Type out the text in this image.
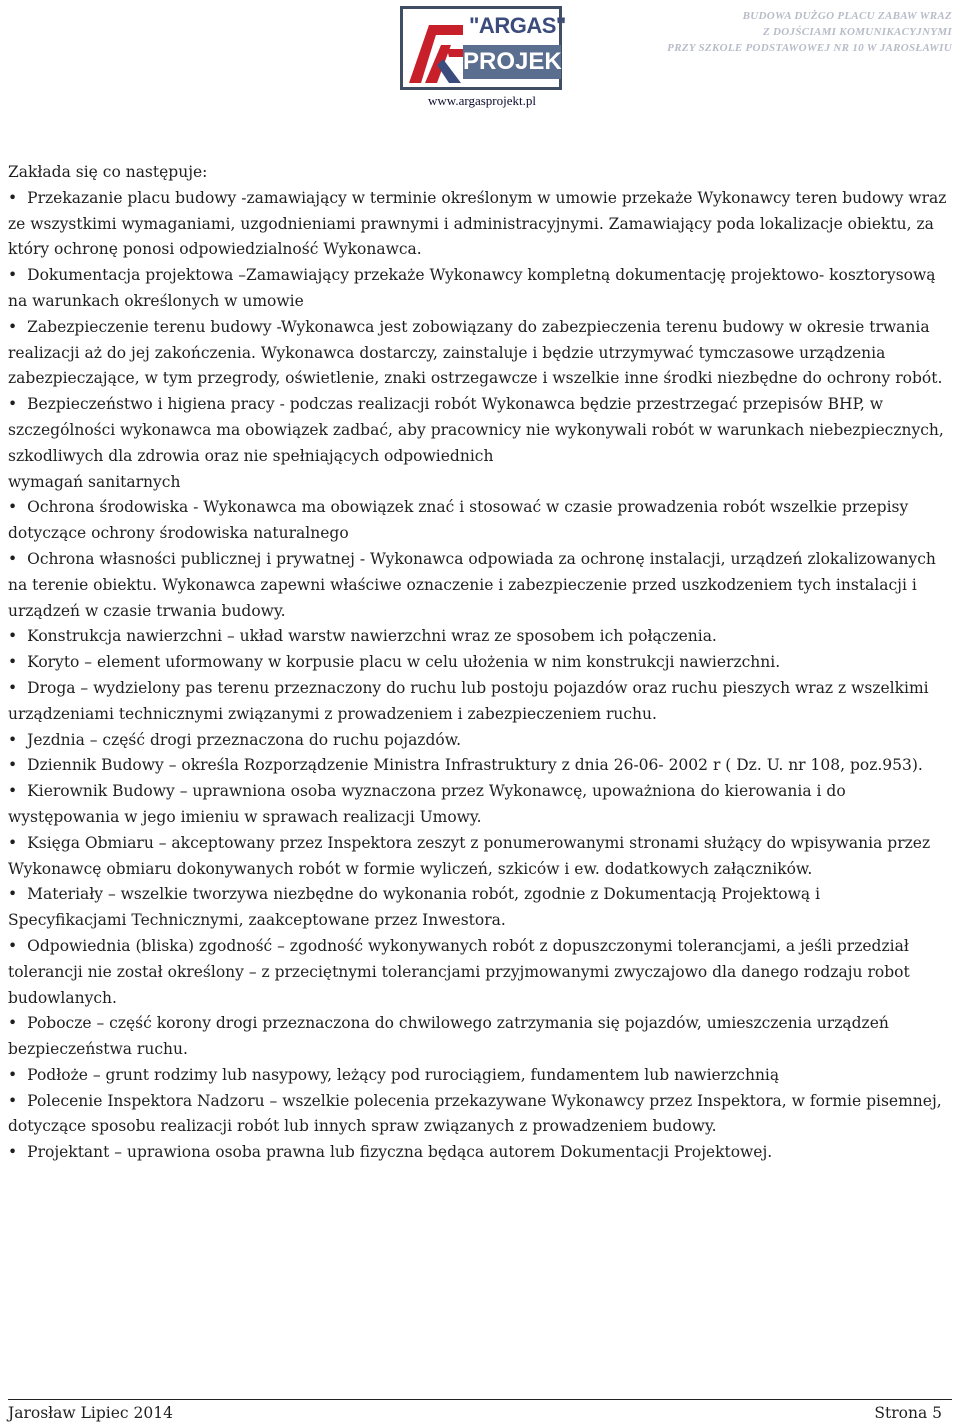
"ARGAS"
PROJEKT
BUDOWA DUŻGO PLACU ZABAW WRAZ
Z DOJŚCIAMI KOMUNIKACYJNYMI
PRZY SZKOLE PODSTAWOWEJ NR 10 W JAROSŁAWIU
www.argasprojekt.pl

Zakłada się co następuje:

• Przekazanie placu budowy -zamawiający w terminie określonym w umowie przekaże Wykonawcy teren budowy wraz ze wszystkimi wymaganiami, uzgodnieniami prawnymi i administracyjnymi. Zamawiający poda lokalizacje obiektu, za który ochronę ponosi odpowiedzialność Wykonawca.

• Dokumentacja projektowa –Zamawiający przekaże Wykonawcy kompletną dokumentację projektowo- kosztorysową na warunkach określonych w umowie

• Zabezpieczenie terenu budowy -Wykonawca jest zobowiązany do zabezpieczenia terenu budowy w okresie trwania realizacji aż do jej zakończenia. Wykonawca dostarczy, zainstaluje i będzie utrzymywać tymczasowe urządzenia zabezpieczające, w tym przegrody, oświetlenie, znaki ostrzegawcze i wszelkie inne środki niezbędne do ochrony robót.

• Bezpieczeństwo i higiena pracy - podczas realizacji robót Wykonawca będzie przestrzegać przepisów BHP, w szczególności wykonawca ma obowiązek zadbać, aby pracownicy nie wykonywali robót w warunkach niebezpiecznych, szkodliwych dla zdrowia oraz nie spełniających odpowiednich

wymagań sanitarnych

• Ochrona środowiska - Wykonawca ma obowiązek znać i stosować w czasie prowadzenia robót wszelkie przepisy dotyczące ochrony środowiska naturalnego

• Ochrona własności publicznej i prywatnej - Wykonawca odpowiada za ochronę instalacji, urządzeń zlokalizowanych na terenie obiektu. Wykonawca zapewni właściwe oznaczenie i zabezpieczenie przed uszkodzeniem tych instalacji i urządzeń w czasie trwania budowy.

• Konstrukcja nawierzchni – układ warstw nawierzchni wraz ze sposobem ich połączenia.

• Koryto – element uformowany w korpusie placu w celu ułożenia w nim konstrukcji nawierzchni.

• Droga – wydzielony pas terenu przeznaczony do ruchu lub postoju pojazdów oraz ruchu pieszych wraz z wszelkimi urządzeniami technicznymi związanymi z prowadzeniem i zabezpieczeniem ruchu.

• Jezdnia – część drogi przeznaczona do ruchu pojazdów.

• Dziennik Budowy – określa Rozporządzenie Ministra Infrastruktury z dnia 26-06- 2002 r ( Dz. U. nr 108, poz.953).

• Kierownik Budowy – uprawniona osoba wyznaczona przez Wykonawcę, upoważniona do kierowania i do występowania w jego imieniu w sprawach realizacji Umowy.

• Księga Obmiaru – akceptowany przez Inspektora zeszyt z ponumerowanymi stronami służący do wpisywania przez Wykonawcę obmiaru dokonywanych robót w formie wyliczeń, szkiców i ew. dodatkowych załączników.

• Materiały – wszelkie tworzywa niezbędne do wykonania robót, zgodnie z Dokumentacją Projektową i

Specyfikacjami Technicznymi, zaakceptowane przez Inwestora.

• Odpowiednia (bliska) zgodność – zgodność wykonywanych robót z dopuszczonymi tolerancjami, a jeśli przedział tolerancji nie został określony – z przeciętnymi tolerancjami przyjmowanymi zwyczajowo dla danego rodzaju robot budowlanych.

• Pobocze – część korony drogi przeznaczona do chwilowego zatrzymania się pojazdów, umieszczenia urządzeń bezpieczeństwa ruchu.

• Podłoże – grunt rodzimy lub nasypowy, leżący pod rurociągiem, fundamentem lub nawierzchnią

• Polecenie Inspektora Nadzoru – wszelkie polecenia przekazywane Wykonawcy przez Inspektora, w formie pisemnej, dotyczące sposobu realizacji robót lub innych spraw związanych z prowadzeniem budowy.

• Projektant – uprawiona osoba prawna lub fizyczna będąca autorem Dokumentacji Projektowej.

Jarosław Lipiec 2014	Strona 5
